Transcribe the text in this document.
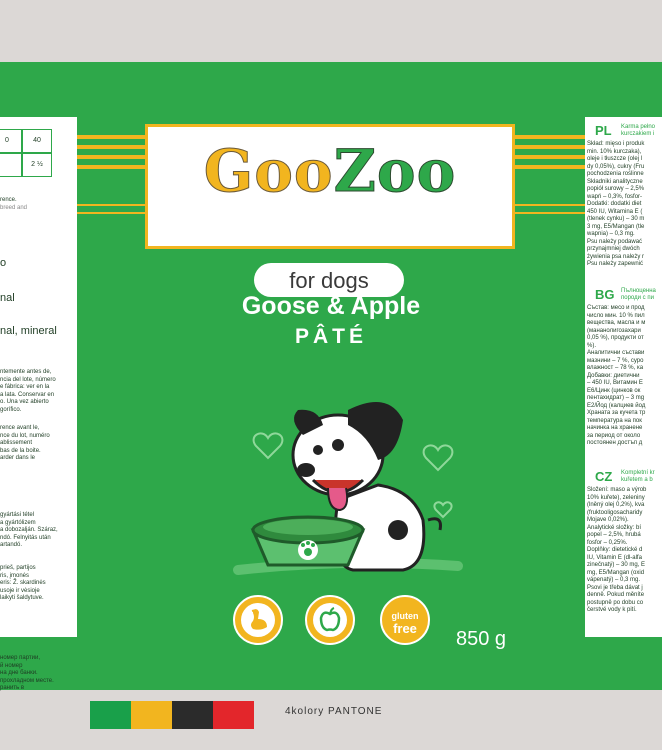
0	40
2 ½
rence.
breed and
o
nal
nal, mineral
ntemente antes de,
ncia del lote, número
e fábrica: ver en la
a lata. Conservar en
o. Una vez abierto
gorífico.
rence avant le,
nce du lot, numéro
ablissement
bas de la boite.
arder dans le
gyártási tétel
a gyártólizem
a dobozalján. Száraz,
ndó. Felnyitás után
artandó.
prieš, partijos
ris, įmonės
eris: Ž. skardinės
usoje ir vėsioje
laikyti šaldytuve.
номер партии,
й номер
на дне банки.
прохладном месте.
ранить в
PL Karma pełno
kurczakiem i
Skład: mięso i produk
min. 10% kurczaka),
oleje i tłuszcze (olej l
dy 0,05%), cukry (Fru
pochodzenia roślinne
Składniki analityczne
popiół surowy – 2,5%
wapń – 0,3%, fosfor-
Dodatki: dodatki diet
450 IU, Witamina E (
(tlenek cynku) – 30 m
3 mg, E5/Mangan (tle
wapnia) – 0,3 mg.
Psu należy podawać
przynajmniej dwóch
żywienia psa należy r
Psu należy zapewnić
BG Пълноценна
породи с пи
Състав: месо и прод
число мин. 10 % пил
вещества, масла и м
(мананолигозахари
0,05 %), продукти от
%).
Аналитични състави
мазнини – 7 %, суро
влажност – 78 %, ка
Добавки: диетични
– 450 IU, Витамин Е
Е6/Цинк (цинков ок
пентахидрат) – 3 mg
Е2/Йод (калциев йод
Храната за кучета тр
температура на пок
начинка на хранене
за период от около
постоянен достъп д
CZ Kompletní kr
kuřetem a b
Složení: maso a výrob
10% kuřete), zeleniny
(lněný olej 0,2%), kva
(fruktooligosacharidy
Mojave 0,02%).
Analytické složky: bí
popel – 2,5%, hrubá
fosfor – 0,25%.
Doplňky: dietetické d
IU, Vitamin E (dl-alfa
zinečnatý) – 30 mg, E
mg, E5/Mangan (oxid
vápenatý) – 0,3 mg.
Psovi je třeba dávat j
denně. Pokud měníte
postupně po dobu co
čerstvé vody k pití.
GooZoo
for dogs
Goose & Apple
PÂTÉ
gluten
free	850 g
4kolory PANTONE
